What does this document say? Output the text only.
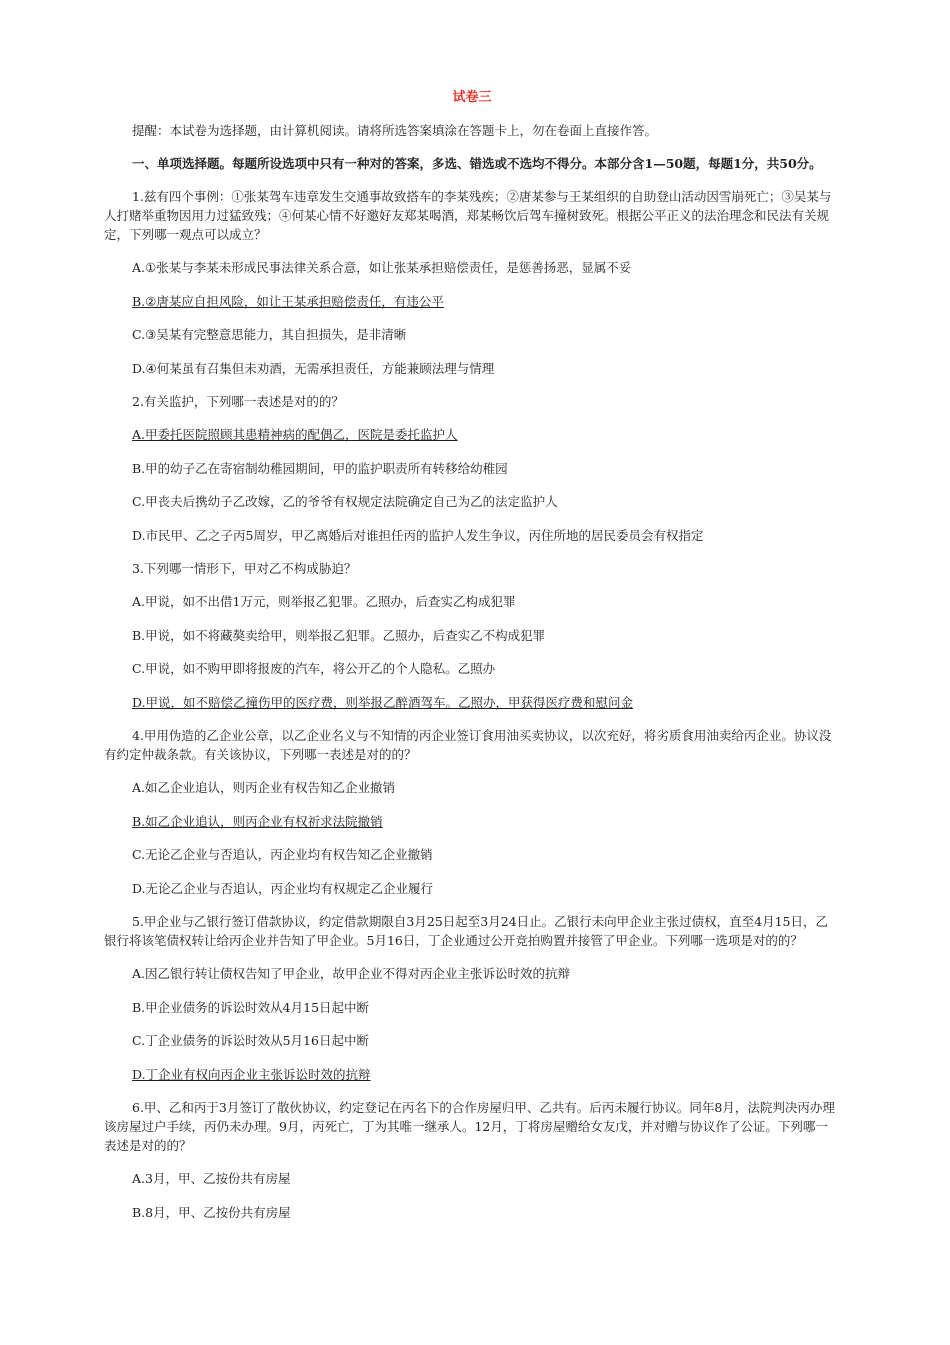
试卷三

提醒：本试卷为选择题，由计算机阅读。请将所选答案填涂在答题卡上，勿在卷面上直接作答。

一、单项选择题。每题所设选项中只有一种对的答案，多选、错选或不选均不得分。本部分含1—50题，每题1分，共50分。

1.兹有四个事例：①张某驾车违章发生交通事故致搭车的李某残疾；②唐某参与王某组织的自助登山活动因雪崩死亡；③吴某与人打赌举重物因用力过猛致残；④何某心情不好邀好友郑某喝酒，郑某畅饮后驾车撞树致死。根据公平正义的法治理念和民法有关规定，下列哪一观点可以成立？

A.①张某与李某未形成民事法律关系合意，如让张某承担赔偿责任，是惩善扬恶，显属不妥

B.②唐某应自担风险，如让王某承担赔偿责任，有违公平

C.③吴某有完整意思能力，其自担损失，是非清晰

D.④何某虽有召集但未劝酒，无需承担责任，方能兼顾法理与情理

2.有关监护，下列哪一表述是对的的？

A.甲委托医院照顾其患精神病的配偶乙，医院是委托监护人

B.甲的幼子乙在寄宿制幼稚园期间，甲的监护职责所有转移给幼稚园

C.甲丧夫后携幼子乙改嫁，乙的爷爷有权规定法院确定自己为乙的法定监护人

D.市民甲、乙之子丙5周岁，甲乙离婚后对谁担任丙的监护人发生争议，丙住所地的居民委员会有权指定

3.下列哪一情形下，甲对乙不构成胁迫？

A.甲说，如不出借1万元，则举报乙犯罪。乙照办，后查实乙构成犯罪

B.甲说，如不将藏獒卖给甲，则举报乙犯罪。乙照办，后查实乙不构成犯罪

C.甲说，如不购甲即将报废的汽车，将公开乙的个人隐私。乙照办

D.甲说，如不赔偿乙撞伤甲的医疗费，则举报乙醉酒驾车。乙照办，甲获得医疗费和慰问金

4.甲用伪造的乙企业公章，以乙企业名义与不知情的丙企业签订食用油买卖协议，以次充好，将劣质食用油卖给丙企业。协议没有约定仲裁条款。有关该协议，下列哪一表述是对的的？

A.如乙企业追认，则丙企业有权告知乙企业撤销

B.如乙企业追认，则丙企业有权祈求法院撤销

C.无论乙企业与否追认，丙企业均有权告知乙企业撤销

D.无论乙企业与否追认，丙企业均有权规定乙企业履行

5.甲企业与乙银行签订借款协议，约定借款期限自3月25日起至3月24日止。乙银行未向甲企业主张过债权，直至4月15日，乙银行将该笔债权转让给丙企业并告知了甲企业。5月16日，丁企业通过公开竞拍购置并接管了甲企业。下列哪一选项是对的的？

A.因乙银行转让债权告知了甲企业，故甲企业不得对丙企业主张诉讼时效的抗辩

B.甲企业债务的诉讼时效从4月15日起中断

C.丁企业债务的诉讼时效从5月16日起中断

D.丁企业有权向丙企业主张诉讼时效的抗辩

6.甲、乙和丙于3月签订了散伙协议，约定登记在丙名下的合作房屋归甲、乙共有。后丙未履行协议。同年8月，法院判决丙办理该房屋过户手续，丙仍未办理。9月，丙死亡，丁为其唯一继承人。12月，丁将房屋赠给女友戊，并对赠与协议作了公证。下列哪一表述是对的的？

A.3月，甲、乙按份共有房屋

B.8月，甲、乙按份共有房屋
